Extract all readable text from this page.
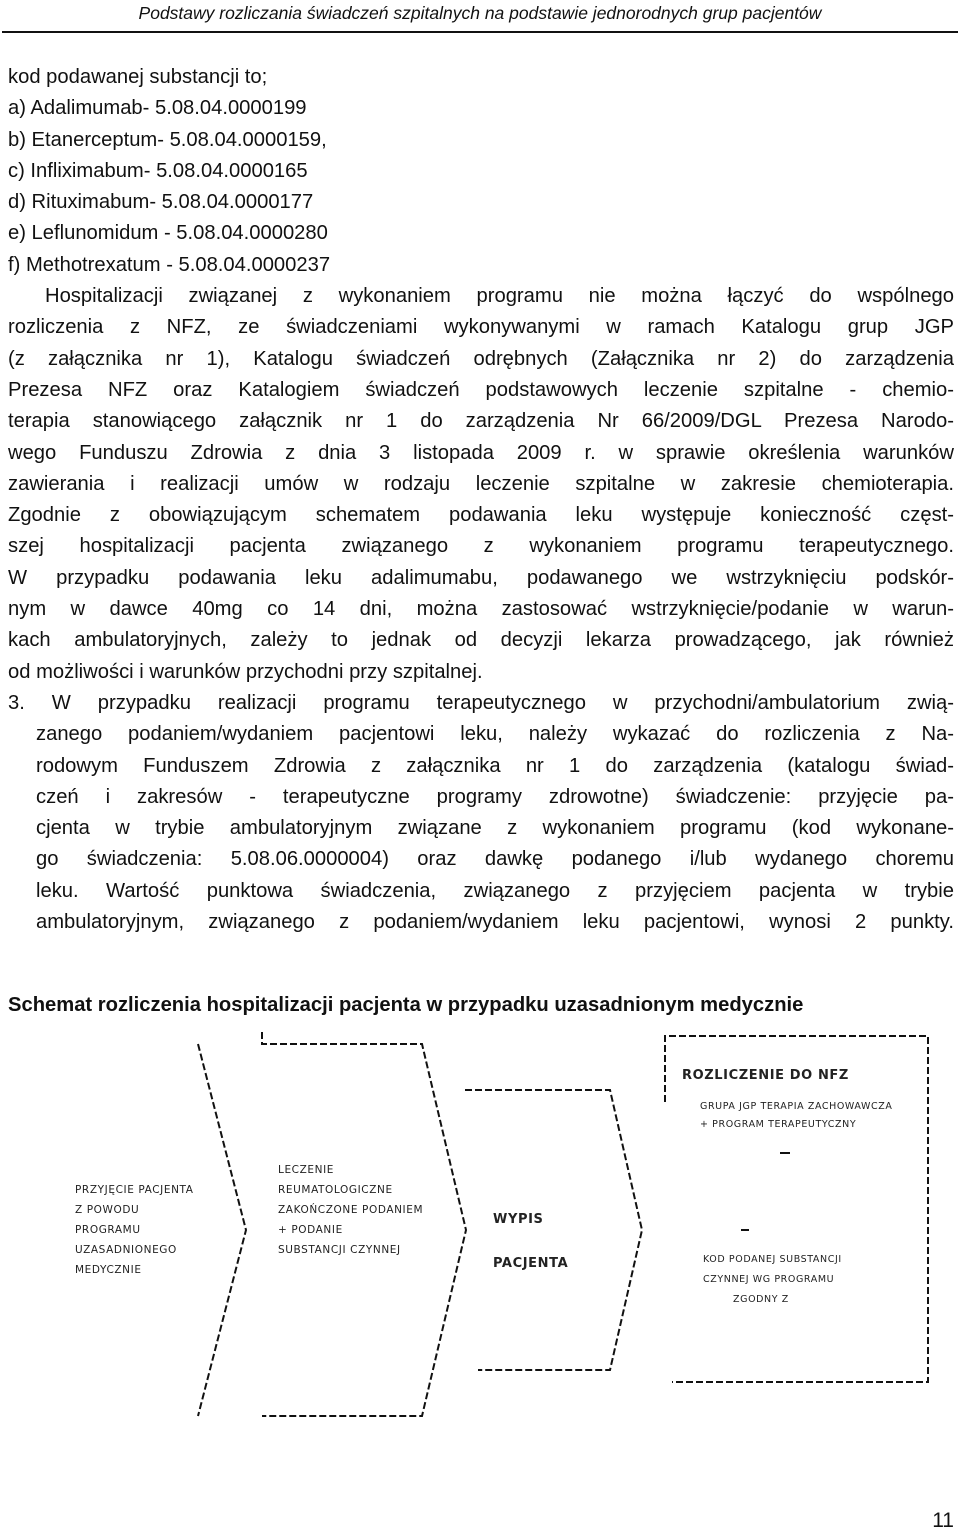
Podstawy rozliczania świadczeń szpitalnych na podstawie jednorodnych grup pacjentów
kod podawanej substancji to;
a) Adalimumab- 5.08.04.0000199
b) Etanerceptum- 5.08.04.0000159,
c) Infliximabum- 5.08.04.0000165
d) Rituximabum- 5.08.04.0000177
e) Leflunomidum - 5.08.04.0000280
f) Methotrexatum - 5.08.04.0000237
Hospitalizacji związanej z wykonaniem programu nie można łączyć do wspólnego
rozliczenia z NFZ, ze świadczeniami wykonywanymi w ramach Katalogu grup JGP
(z załącznika nr 1), Katalogu świadczeń odrębnych (Załącznika nr 2) do zarządzenia
Prezesa NFZ oraz Katalogiem świadczeń podstawowych leczenie szpitalne - chemio-
terapia stanowiącego załącznik nr 1 do zarządzenia Nr 66/2009/DGL Prezesa Narodo-
wego Funduszu Zdrowia z dnia 3 listopada 2009 r. w sprawie określenia warunków
zawierania i realizacji umów w rodzaju leczenie szpitalne w zakresie chemioterapia.
Zgodnie z obowiązującym schematem podawania leku występuje konieczność częst-
szej hospitalizacji pacjenta związanego z wykonaniem programu terapeutycznego.
W przypadku podawania leku adalimumabu, podawanego we wstrzyknięciu podskór-
nym w dawce 40mg co 14 dni, można zastosować wstrzyknięcie/podanie w warun-
kach ambulatoryjnych, zależy to jednak od decyzji lekarza prowadzącego, jak również
od możliwości i warunków przychodni przy szpitalnej.
3. W przypadku realizacji programu terapeutycznego w przychodni/ambulatorium zwią-
zanego podaniem/wydaniem pacjentowi leku, należy wykazać do rozliczenia z Na-
rodowym Funduszem Zdrowia z załącznika nr 1 do zarządzenia (katalogu świad-
czeń i zakresów - terapeutyczne programy zdrowotne) świadczenie: przyjęcie pa-
cjenta w trybie ambulatoryjnym związane z wykonaniem programu (kod wykonane-
go świadczenia: 5.08.06.0000004) oraz dawkę podanego i/lub wydanego choremu
leku. Wartość punktowa świadczenia, związanego z przyjęciem pacjenta w trybie
ambulatoryjnym, związanego z podaniem/wydaniem leku pacjentowi, wynosi 2 punkty.
Schemat rozliczenia hospitalizacji pacjenta w przypadku uzasadnionym medycznie
PRZYJĘCIE PACJENTA
Z POWODU
PROGRAMU
UZASADNIONEGO
MEDYCZNIE
LECZENIE
REUMATOLOGICZNE
ZAKOŃCZONE PODANIEM
+ PODANIE
SUBSTANCJI CZYNNEJ
WYPIS
PACJENTA
ROZLICZENIE DO NFZ
GRUPA JGP TERAPIA ZACHOWAWCZA
+ PROGRAM TERAPEUTYCZNY
KOD PODANEJ SUBSTANCJI
CZYNNEJ WG PROGRAMU
ZGODNY Z
11
